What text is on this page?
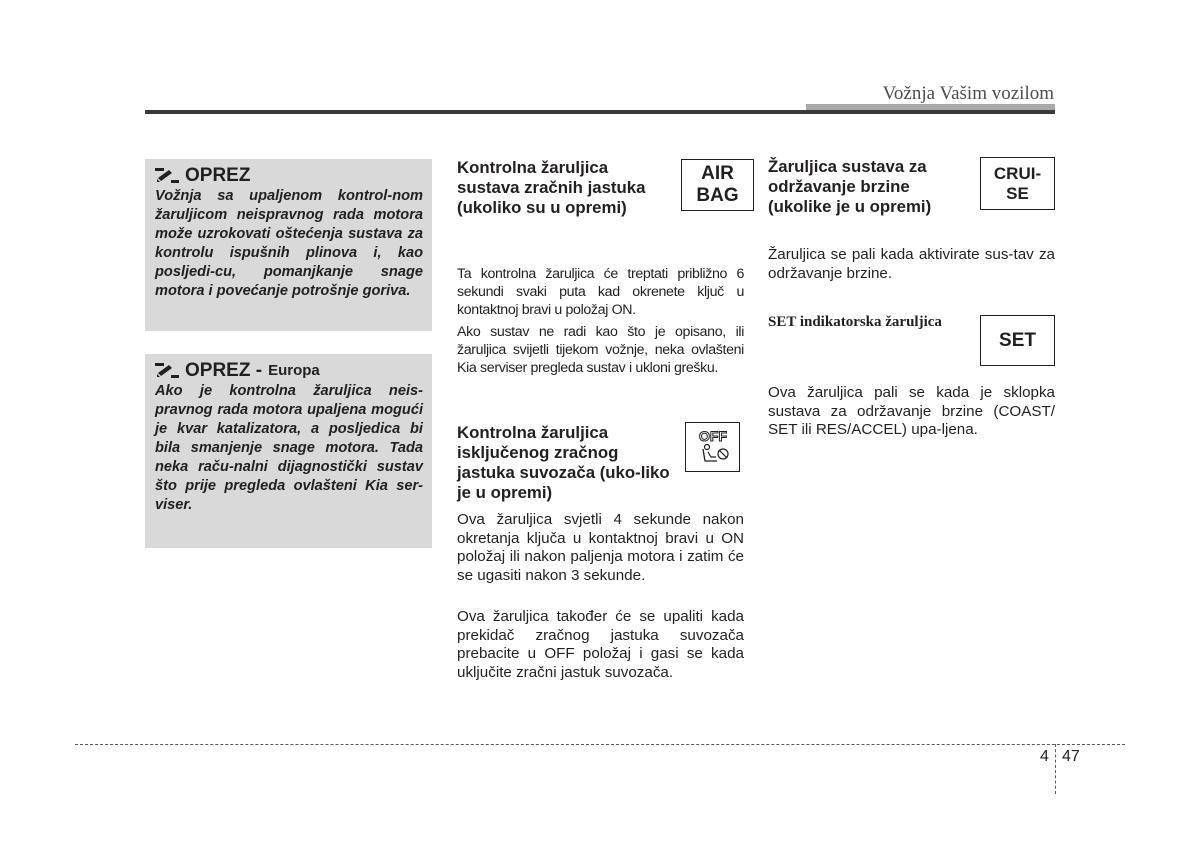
Vožnja Vašim vozilom
OPREZ

Vožnja sa upaljenom kontrol-nom žaruljicom neispravnog rada motora može uzrokovati oštećenja sustava za kontrolu ispušnih plinova i, kao posljedi-cu, pomanjkanje snage motora i povećanje potrošnje goriva.

OPREZ - Europa

Ako je kontrolna žaruljica neis-pravnog rada motora upaljena mogući je kvar katalizatora, a posljedica bi bila smanjenje snage motora. Tada neka raču-nalni dijagnostički sustav što prije pregleda ovlašteni Kia ser-viser.

Kontrolna žaruljica sustava zračnih jastuka (ukoliko su u opremi)
AIR
BAG

Ta kontrolna žaruljica će treptati približno 6 sekundi svaki puta kad okrenete ključ u kontaktnoj bravi u položaj ON.

Ako sustav ne radi kao što je opisano, ili žaruljica svijetli tijekom vožnje, neka ovlašteni Kia serviser pregleda sustav i ukloni grešku.

Kontrolna žaruljica isključenog zračnog jastuka suvozača (uko-liko je u opremi)
OFF

Ova žaruljica svjetli 4 sekunde nakon okretanja ključa u kontaktnoj bravi u ON položaj ili nakon paljenja motora i zatim će se ugasiti nakon 3 sekunde.

Ova žaruljica također će se upaliti kada prekidač zračnog jastuka suvozača prebacite u OFF položaj i gasi se kada uključite zračni jastuk suvozača.

Žaruljica sustava za održavanje brzine (ukolike je u opremi)
CRUI-
SE

Žaruljica se pali kada aktivirate sus-tav za održavanje brzine.

SET indikatorska žaruljica
SET

Ova žaruljica pali se kada je sklopka sustava za održavanje brzine (COAST/ SET ili RES/ACCEL) upa-ljena.

4 47
